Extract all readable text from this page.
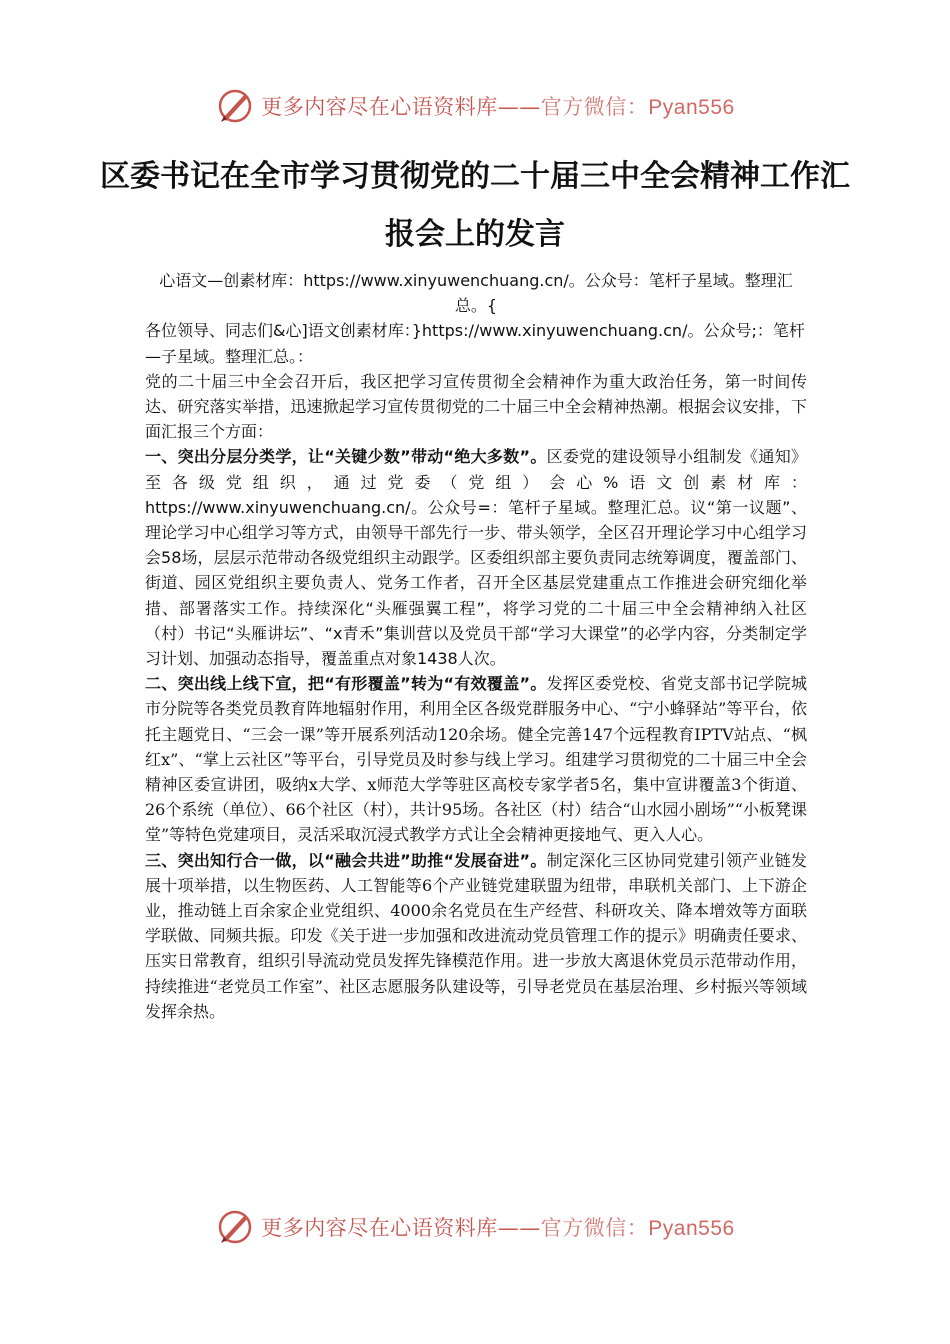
更多内容尽在心语资料库——官方微信：Pyan556
区委书记在全市学习贯彻党的二十届三中全会精神工作汇报会上的发言

心语文—创素材库：https://www.xinyuwenchuang.cn/。公众号：笔杆子星域。整理汇总。{

各位领导、同志们&心]语文创素材库：}https://www.xinyuwenchuang.cn/。公众号;：笔杆—子星域。整理汇总。：

党的二十届三中全会召开后，我区把学习宣传贯彻全会精神作为重大政治任务，第一时间传达、研究落实举措，迅速掀起学习宣传贯彻党的二十届三中全会精神热潮。根据会议安排，下面汇报三个方面：

一、突出分层分类学，让“关键少数”带动“绝大多数”。区委党的建设领导小组制发《通知》至各级党组织，通过党委（党组）会心%语文创素材库：https://www.xinyuwenchuang.cn/。公众号=：笔杆子星域。整理汇总。议“第一议题”、理论学习中心组学习等方式，由领导干部先行一步、带头领学，全区召开理论学习中心组学习会58场，层层示范带动各级党组织主动跟学。区委组织部主要负责同志统筹调度，覆盖部门、街道、园区党组织主要负责人、党务工作者，召开全区基层党建重点工作推进会研究细化举措、部署落实工作。持续深化“头雁强翼工程”，将学习党的二十届三中全会精神纳入社区（村）书记“头雁讲坛”、“x青禾”集训营以及党员干部“学习大课堂”的必学内容，分类制定学习计划、加强动态指导，覆盖重点对象1438人次。

二、突出线上线下宣，把“有形覆盖”转为“有效覆盖”。发挥区委党校、省党支部书记学院城市分院等各类党员教育阵地辐射作用，利用全区各级党群服务中心、“宁小蜂驿站”等平台，依托主题党日、“三会一课”等开展系列活动120余场。健全完善147个远程教育IPTV站点、“枫红x”、“掌上云社区”等平台，引导党员及时参与线上学习。组建学习贯彻党的二十届三中全会精神区委宣讲团，吸纳x大学、x师范大学等驻区高校专家学者5名，集中宣讲覆盖3个街道、26个系统（单位）、66个社区（村），共计95场。各社区（村）结合“山水园小剧场”“小板凳课堂”等特色党建项目，灵活采取沉浸式教学方式让全会精神更接地气、更入人心。

三、突出知行合一做，以“融会共进”助推“发展奋进”。制定深化三区协同党建引领产业链发展十项举措，以生物医药、人工智能等6个产业链党建联盟为纽带，串联机关部门、上下游企业，推动链上百余家企业党组织、4000余名党员在生产经营、科研攻关、降本增效等方面联学联做、同频共振。印发《关于进一步加强和改进流动党员管理工作的提示》明确责任要求、压实日常教育，组织引导流动党员发挥先锋模范作用。进一步放大离退休党员示范带动作用，持续推进“老党员工作室”、社区志愿服务队建设等，引导老党员在基层治理、乡村振兴等领域发挥余热。

更多内容尽在心语资料库——官方微信：Pyan556
